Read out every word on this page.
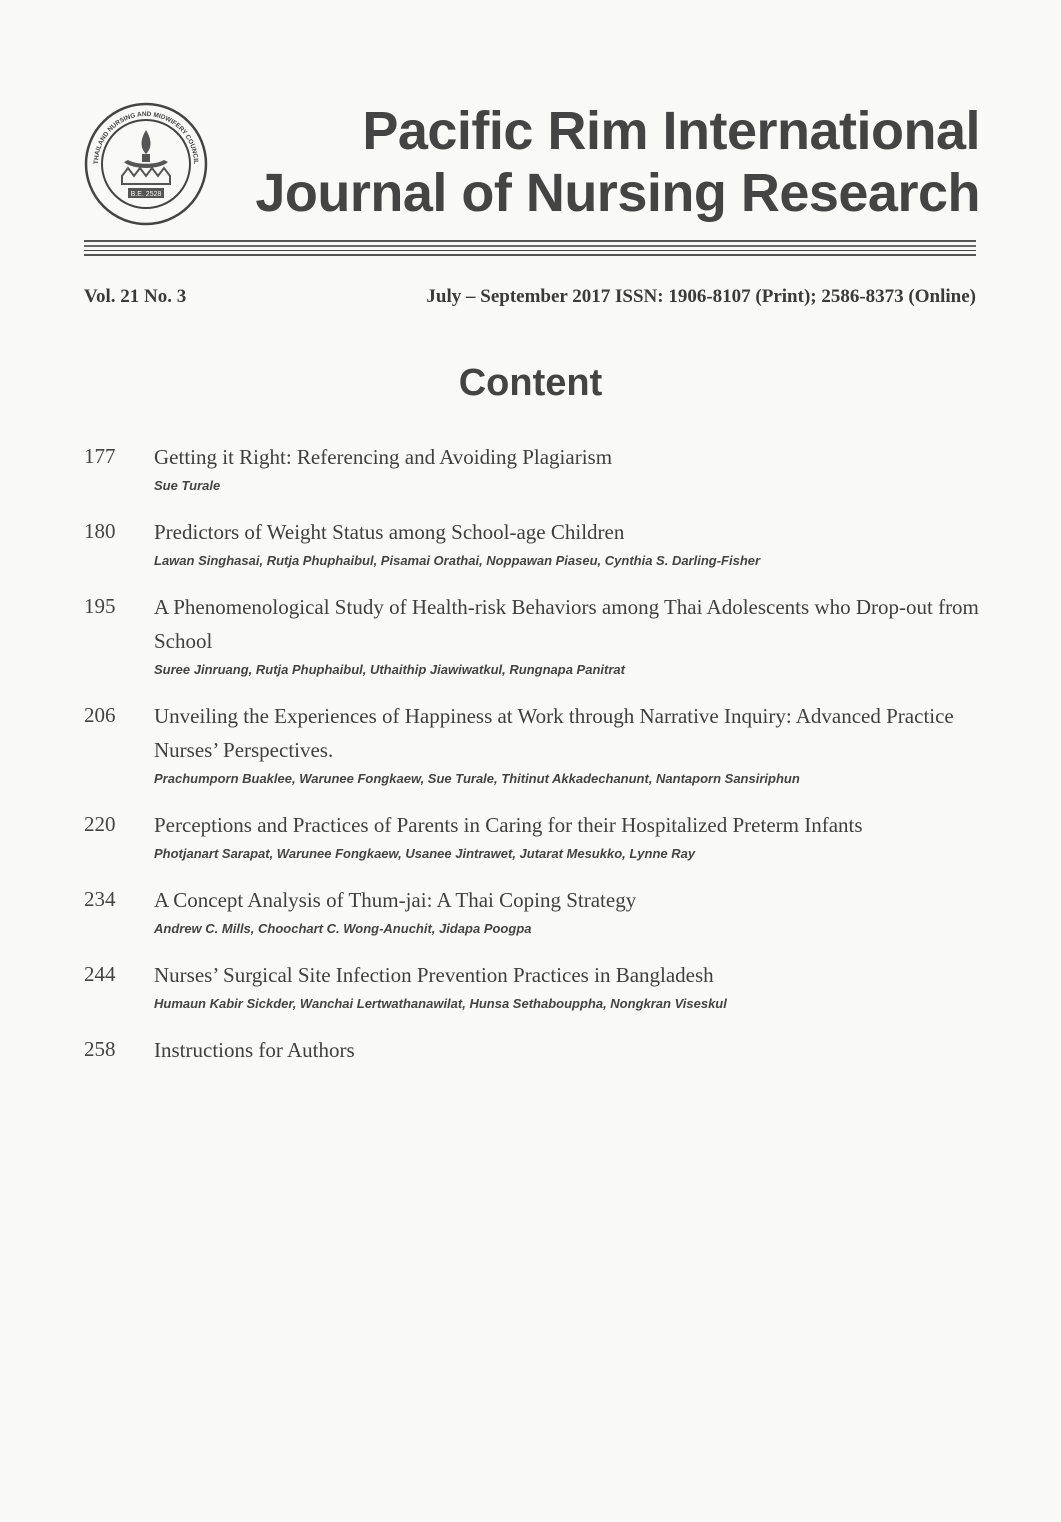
B.E. 2528
THAILAND NURSING AND MIDWIFERY COUNCIL
Pacific Rim International
Journal of Nursing Research
Vol. 21 No. 3	July – September 2017 ISSN: 1906-8107 (Print); 2586-8373 (Online)
Content
177 Getting it Right: Referencing and Avoiding Plagiarism
Sue Turale
180 Predictors of Weight Status among School-age Children
Lawan Singhasai, Rutja Phuphaibul, Pisamai Orathai, Noppawan Piaseu, Cynthia S. Darling-Fisher
195 A Phenomenological Study of Health-risk Behaviors among Thai Adolescents who Drop-out from School
Suree Jinruang, Rutja Phuphaibul, Uthaithip Jiawiwatkul, Rungnapa Panitrat
206 Unveiling the Experiences of Happiness at Work through Narrative Inquiry: Advanced Practice Nurses’ Perspectives.
Prachumporn Buaklee, Warunee Fongkaew, Sue Turale, Thitinut Akkadechanunt, Nantaporn Sansiriphun
220 Perceptions and Practices of Parents in Caring for their Hospitalized Preterm Infants
Photjanart Sarapat, Warunee Fongkaew, Usanee Jintrawet, Jutarat Mesukko, Lynne Ray
234 A Concept Analysis of Thum-jai: A Thai Coping Strategy
Andrew C. Mills, Choochart C. Wong-Anuchit, Jidapa Poogpa
244 Nurses’ Surgical Site Infection Prevention Practices in Bangladesh
Humaun Kabir Sickder, Wanchai Lertwathanawilat, Hunsa Sethabouppha, Nongkran Viseskul
258 Instructions for Authors
